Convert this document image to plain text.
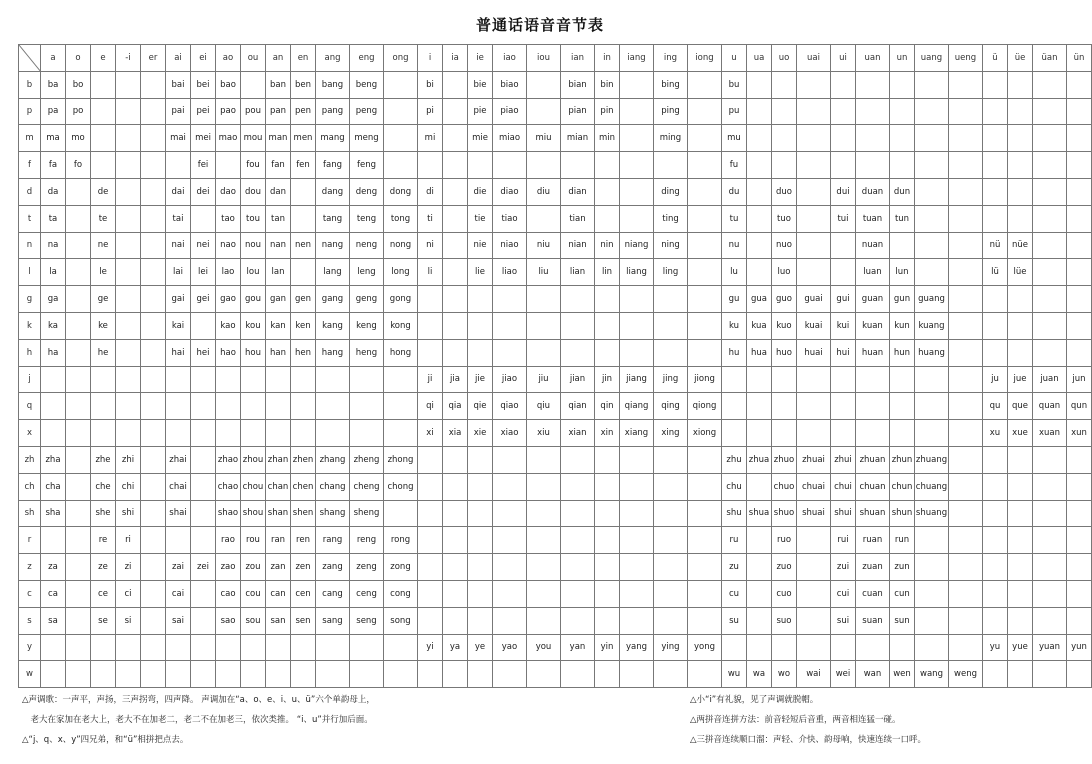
普通话语音音节表
	a	o	e	-i	er	ai	ei	ao	ou	an	en	ang	eng	ong	i	ia	ie	iao	iou	ian	in	iang	ing	iong	u	ua	uo	uai	ui	uan	un	uang	ueng	ü	üe	üan	ün
b	ba	bo				bai	bei	bao		ban	ben	bang	beng		bi		bie	biao		bian	bin		bing		bu												
p	pa	po				pai	pei	pao	pou	pan	pen	pang	peng		pi		pie	piao		pian	pin		ping		pu												
m	ma	mo				mai	mei	mao	mou	man	men	mang	meng		mi		mie	miao	miu	mian	min		ming		mu												
f	fa	fo					fei		fou	fan	fen	fang	feng												fu												
d	da		de			dai	dei	dao	dou	dan		dang	deng	dong	di		die	diao	diu	dian			ding		du		duo		dui	duan	dun						
t	ta		te			tai		tao	tou	tan		tang	teng	tong	ti		tie	tiao		tian			ting		tu		tuo		tui	tuan	tun						
n	na		ne			nai	nei	nao	nou	nan	nen	nang	neng	nong	ni		nie	niao	niu	nian	nin	niang	ning		nu		nuo			nuan				nü	nüe		
l	la		le			lai	lei	lao	lou	lan		lang	leng	long	li		lie	liao	liu	lian	lin	liang	ling		lu		luo			luan	lun			lü	lüe		
g	ga		ge			gai	gei	gao	gou	gan	gen	gang	geng	gong											gu	gua	guo	guai	gui	guan	gun	guang					
k	ka		ke			kai		kao	kou	kan	ken	kang	keng	kong											ku	kua	kuo	kuai	kui	kuan	kun	kuang					
h	ha		he			hai	hei	hao	hou	han	hen	hang	heng	hong											hu	hua	huo	huai	hui	huan	hun	huang					
j															ji	jia	jie	jiao	jiu	jian	jin	jiang	jing	jiong										ju	jue	juan	jun
q															qi	qia	qie	qiao	qiu	qian	qin	qiang	qing	qiong										qu	que	quan	qun
x															xi	xia	xie	xiao	xiu	xian	xin	xiang	xing	xiong										xu	xue	xuan	xun
zh	zha		zhe	zhi		zhai		zhao	zhou	zhan	zhen	zhang	zheng	zhong											zhu	zhua	zhuo	zhuai	zhui	zhuan	zhun	zhuang					
ch	cha		che	chi		chai		chao	chou	chan	chen	chang	cheng	chong											chu		chuo	chuai	chui	chuan	chun	chuang					
sh	sha		she	shi		shai		shao	shou	shan	shen	shang	sheng												shu	shua	shuo	shuai	shui	shuan	shun	shuang					
r			re	ri				rao	rou	ran	ren	rang	reng	rong											ru		ruo		rui	ruan	run						
z	za		ze	zi		zai	zei	zao	zou	zan	zen	zang	zeng	zong											zu		zuo		zui	zuan	zun						
c	ca		ce	ci		cai		cao	cou	can	cen	cang	ceng	cong											cu		cuo		cui	cuan	cun						
s	sa		se	si		sai		sao	sou	san	sen	sang	seng	song											su		suo		sui	suan	sun						
y															yi	ya	ye	yao	you	yan	yin	yang	ying	yong										yu	yue	yuan	yun
w																									wu	wa	wo	wai	wei	wan	wen	wang	weng				
△声调歌：一声平，声扬，三声拐弯，四声降。 声调加在“a、o、e、i、u、ü”六个单韵母上，
　老大在家加在老大上，老大不在加老二，老二不在加老三，依次类推。 “i、u”并行加后面。
△“j、q、x、y”四兄弟，和“ü”相拼把点去。
△小“i”有礼貌，见了声调就脱帽。
△两拼音连拼方法：前音轻短后音重，两音相连猛一碰。
△三拼音连续顺口溜：声轻、介快、韵母响，快速连续一口呼。
